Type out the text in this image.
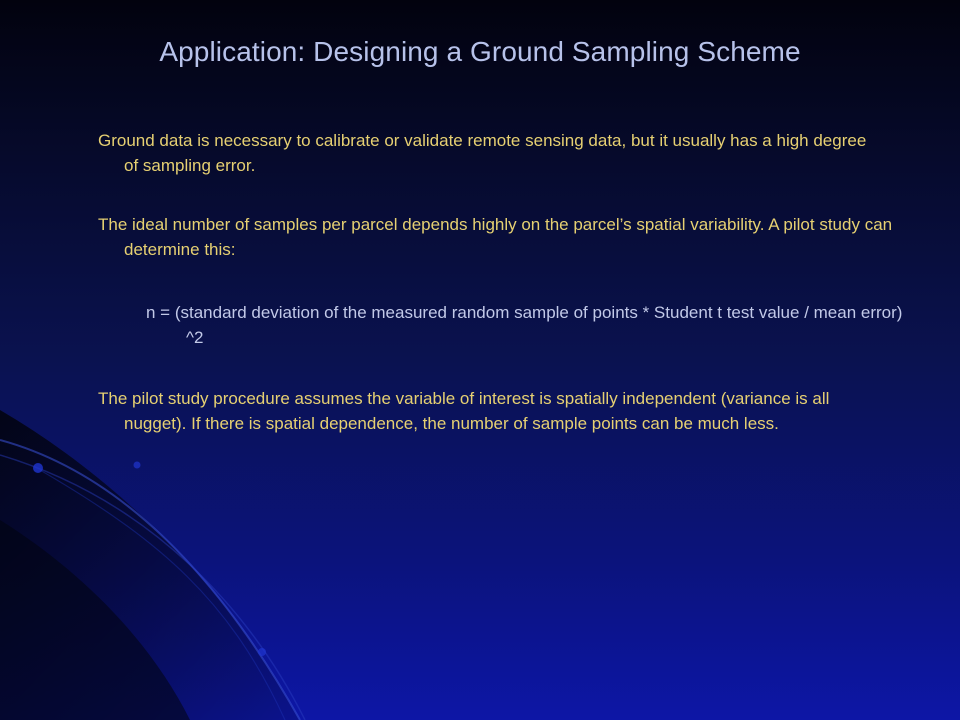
Application: Designing a Ground Sampling Scheme
Ground data is necessary to calibrate or validate remote sensing data, but it usually has a high degree of sampling error.
The ideal number of samples per parcel depends highly on the parcel’s spatial variability. A pilot study can determine this:
n = (standard deviation of the measured random sample of points * Student t test value / mean error) ^2
The pilot study procedure assumes the variable of interest is spatially independent (variance is all nugget). If there is spatial dependence, the number of sample points can be much less.
